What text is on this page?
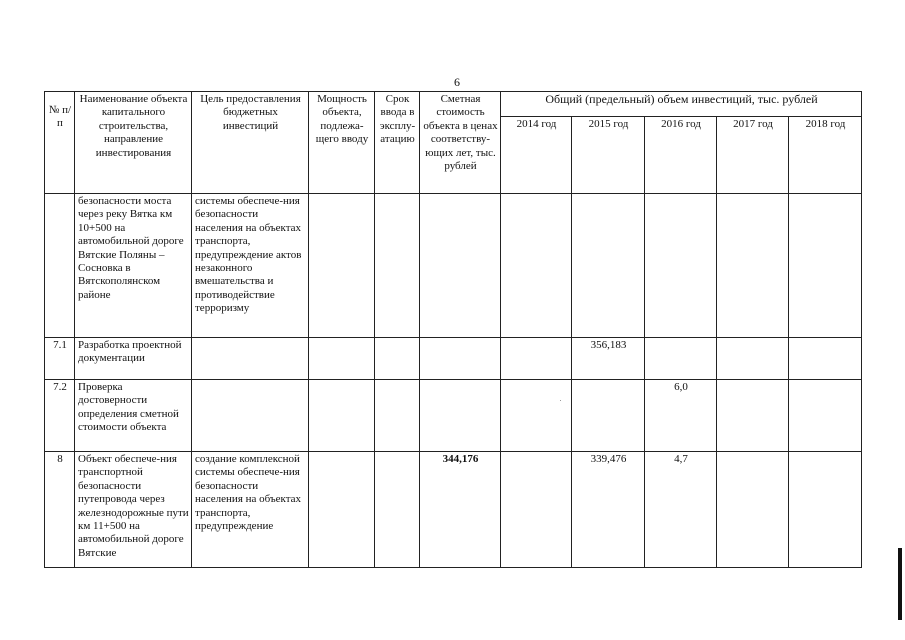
6
№ п/п	Наименование объекта капитального строительства, направление инвестирования	Цель предоставления бюджетных инвестиций	Мощность объекта, подлежа-щего вводу	Срок ввода в эксплу-атацию	Сметная стоимость объекта в ценах соответству-ющих лет, тыс. рублей	Общий (предельный) объем инвестиций, тыс. рублей				
						2014 год	2015 год	2016 год	2017 год	2018 год
	безопасности моста через реку Вятка км 10+500 на автомобильной дороге Вятские Поляны – Сосновка в Вятскополянском районе	системы обеспече-ния безопасности населения на объектах транспорта, предупреждение актов незаконного вмешательства и противодействие терроризму								
7.1	Разработка проектной документации						356,183			
7.2	Проверка достоверности определения сметной стоимости объекта							6,0		
8	Объект обеспече-ния транспортной безопасности путепровода через железнодорожные пути км 11+500 на автомобильной дороге Вятские	создание комплексной системы обеспече-ния безопасности населения на объектах транспорта, предупреждение			344,176		339,476	4,7		
